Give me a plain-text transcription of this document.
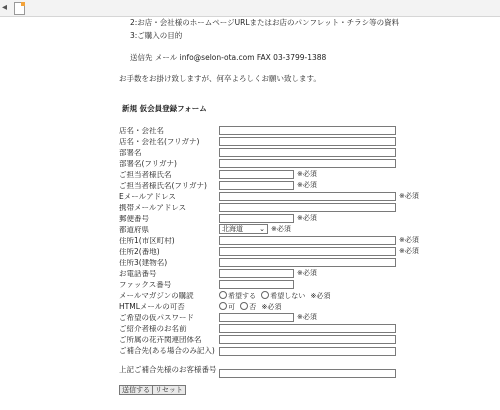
◂
2:お店・会社様のホームページURLまたはお店のパンフレット・チラシ等の資料
3:ご購入の目的
送信先 メール info@selon-ota.com FAX 03-3799-1388
お手数をお掛け致しますが、何卒よろしくお願い致します。
新規 仮会員登録フォーム
店名・会社名
店名・会社名(フリガナ)
部署名
部署名(フリガナ)
ご担当者様氏名	※必須
ご担当者様氏名(フリガナ)	※必須
Eメールアドレス	※必須
携帯メールアドレス
郵便番号	※必須
都道府県	北海道 ⌄ ※必須
住所1(市区町村)	※必須
住所2(番地)	※必須
住所3(建物名)
お電話番号	※必須
ファックス番号
メールマガジンの購読	希望する 希望しない ※必須
HTMLメールの可否	可 否 ※必須
ご希望の仮パスワード	※必須
ご紹介者様のお名前
ご所属の花卉関連団体名
ご補合先(ある場合のみ記入)
上記ご補合先様のお客様番号
送信する リセット
